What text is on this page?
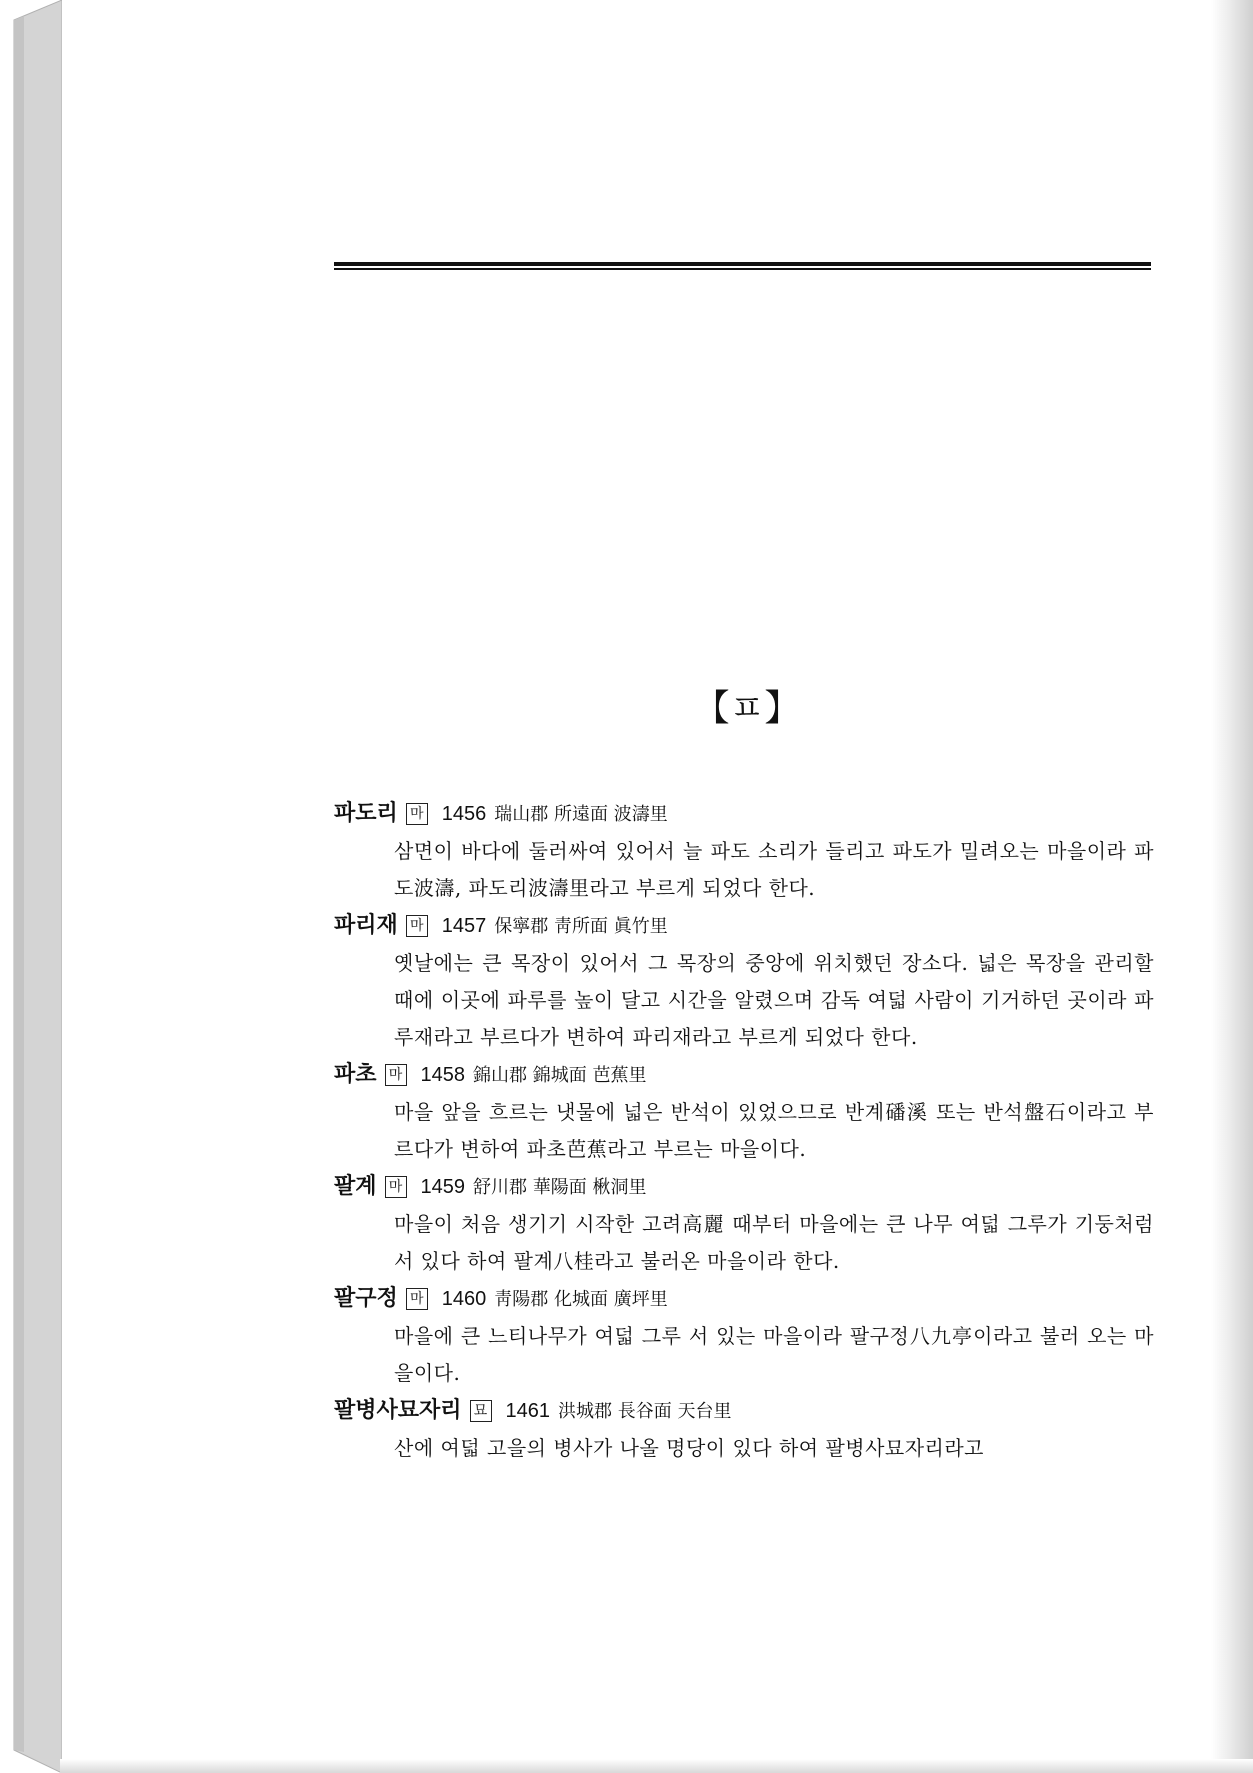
【ㅍ】
파도리 마 1456 瑞山郡 所遠面 波濤里
삼면이 바다에 둘러싸여 있어서 늘 파도 소리가 들리고 파도가 밀려오는 마을이라 파도波濤, 파도리波濤里라고 부르게 되었다 한다.
파리재 마 1457 保寧郡 靑所面 眞竹里
옛날에는 큰 목장이 있어서 그 목장의 중앙에 위치했던 장소다. 넓은 목장을 관리할 때에 이곳에 파루를 높이 달고 시간을 알렸으며 감독 여덟 사람이 기거하던 곳이라 파루재라고 부르다가 변하여 파리재라고 부르게 되었다 한다.
파초 마 1458 錦山郡 錦城面 芭蕉里
마을 앞을 흐르는 냇물에 넓은 반석이 있었으므로 반계磻溪 또는 반석盤石이라고 부르다가 변하여 파초芭蕉라고 부르는 마을이다.
팔계 마 1459 舒川郡 華陽面 楸洞里
마을이 처음 생기기 시작한 고려高麗 때부터 마을에는 큰 나무 여덟 그루가 기둥처럼 서 있다 하여 팔계八桂라고 불러온 마을이라 한다.
팔구정 마 1460 靑陽郡 化城面 廣坪里
마을에 큰 느티나무가 여덟 그루 서 있는 마을이라 팔구정八九亭이라고 불러 오는 마을이다.
팔병사묘자리 묘 1461 洪城郡 長谷面 天台里
산에 여덟 고을의 병사가 나올 명당이 있다 하여 팔병사묘자리라고
